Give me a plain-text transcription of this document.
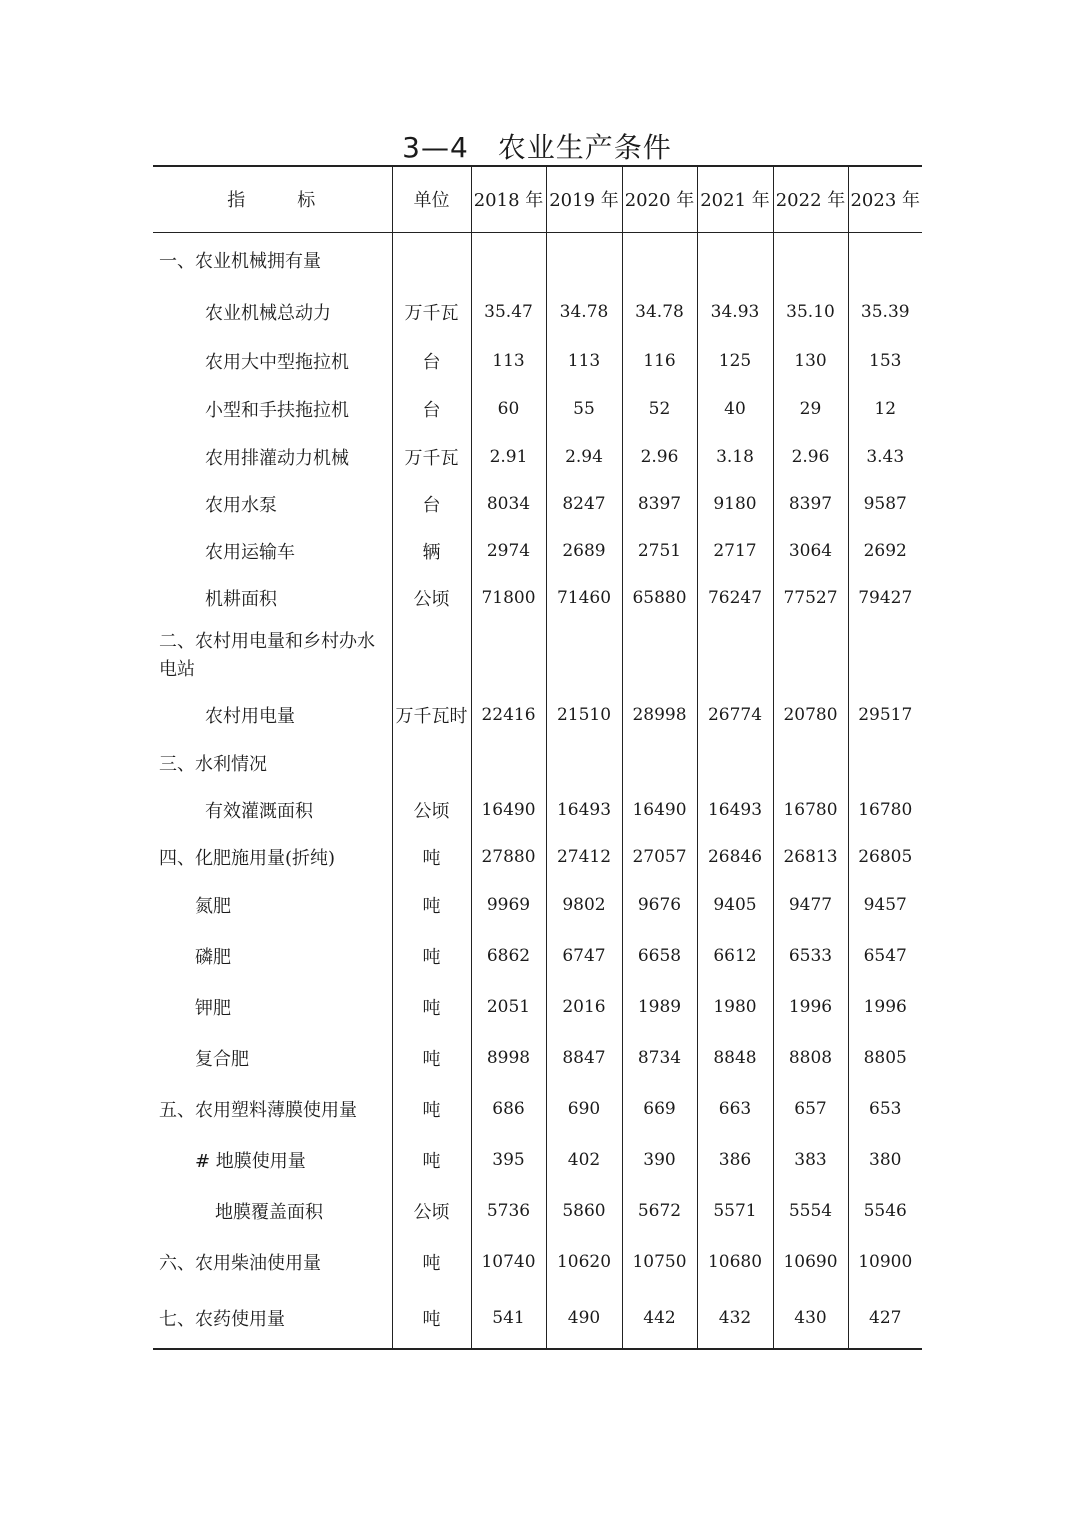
3—4　农业生产条件
指　　标	单位	2018 年	2019 年	2020 年	2021 年	2022 年	2023 年
一、农业机械拥有量							
农业机械总动力	万千瓦	35.47	34.78	34.78	34.93	35.10	35.39
农用大中型拖拉机	台	113	113	116	125	130	153
小型和手扶拖拉机	台	60	55	52	40	29	12
农用排灌动力机械	万千瓦	2.91	2.94	2.96	3.18	2.96	3.43
农用水泵	台	8034	8247	8397	9180	8397	9587
农用运输车	辆	2974	2689	2751	2717	3064	2692
机耕面积	公顷	71800	71460	65880	76247	77527	79427
二、农村用电量和乡村办水电站							
农村用电量	万千瓦时	22416	21510	28998	26774	20780	29517
三、水利情况							
有效灌溉面积	公顷	16490	16493	16490	16493	16780	16780
四、化肥施用量(折纯)	吨	27880	27412	27057	26846	26813	26805
氮肥	吨	9969	9802	9676	9405	9477	9457
磷肥	吨	6862	6747	6658	6612	6533	6547
钾肥	吨	2051	2016	1989	1980	1996	1996
复合肥	吨	8998	8847	8734	8848	8808	8805
五、农用塑料薄膜使用量	吨	686	690	669	663	657	653
# 地膜使用量	吨	395	402	390	386	383	380
地膜覆盖面积	公顷	5736	5860	5672	5571	5554	5546
六、农用柴油使用量	吨	10740	10620	10750	10680	10690	10900
七、农药使用量	吨	541	490	442	432	430	427
